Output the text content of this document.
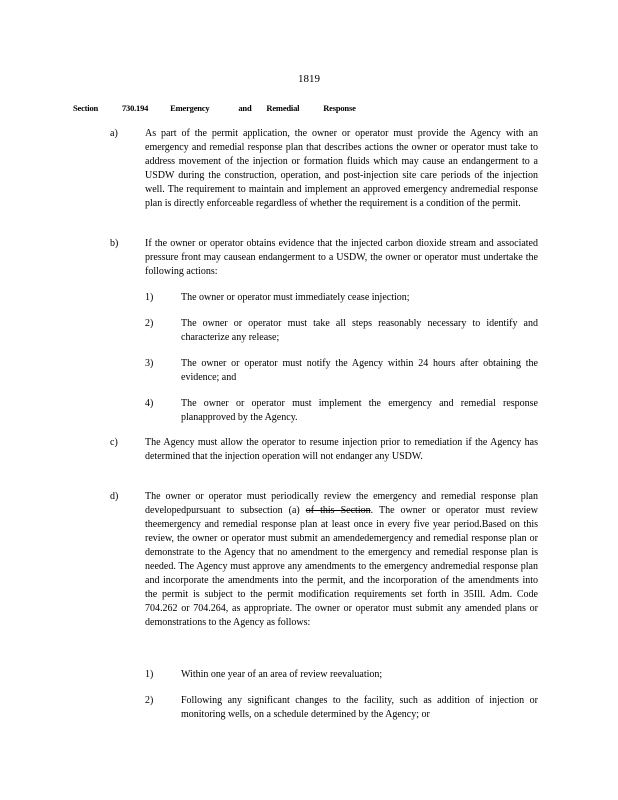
1819
Section	730.194	Emergency	and Remedial	Response
a)	As part of the permit application, the owner or operator must provide the Agency with an emergency and remedial response plan that describes actions the owner or operator must take to address movement of the injection or formation fluids which may cause an endangerment to a USDW during the construction, operation, and post-injection site care periods of the injection well. The requirement to maintain and implement an approved emergency andremedial response plan is directly enforceable regardless of whether the requirement is a condition of the permit.
b)	If the owner or operator obtains evidence that the injected carbon dioxide stream and associated pressure front may causean endangerment to a USDW, the owner or operator must undertake the following actions:
1)	The owner or operator must immediately cease injection;
2)	The owner or operator must take all steps reasonably necessary to identify and characterize any release;
3)	The owner or operator must notify the Agency within 24 hours after obtaining the evidence; and
4)	The owner or operator must implement the emergency and remedial response planapproved by the Agency.
c)	The Agency must allow the operator to resume injection prior to remediation if the Agency has determined that the injection operation will not endanger any USDW.
d)	The owner or operator must periodically review the emergency and remedial response plan developedpursuant to subsection (a) of this Section. The owner or operator must review theemergency and remedial response plan at least once in every five year period.Based on this review, the owner or operator must submit an amendedemergency and remedial response plan or demonstrate to the Agency that no amendment to the emergency and remedial response plan is needed. The Agency must approve any amendments to the emergency andremedial response plan and incorporate the amendments into the permit, and the incorporation of the amendments into the permit is subject to the permit modification requirements set forth in 35Ill. Adm. Code 704.262 or 704.264, as appropriate. The owner or operator must submit any amended plans or demonstrations to the Agency as follows:
1)	Within one year of an area of review reevaluation;
2)	Following any significant changes to the facility, such as addition of injection or monitoring wells, on a schedule determined by the Agency; or
